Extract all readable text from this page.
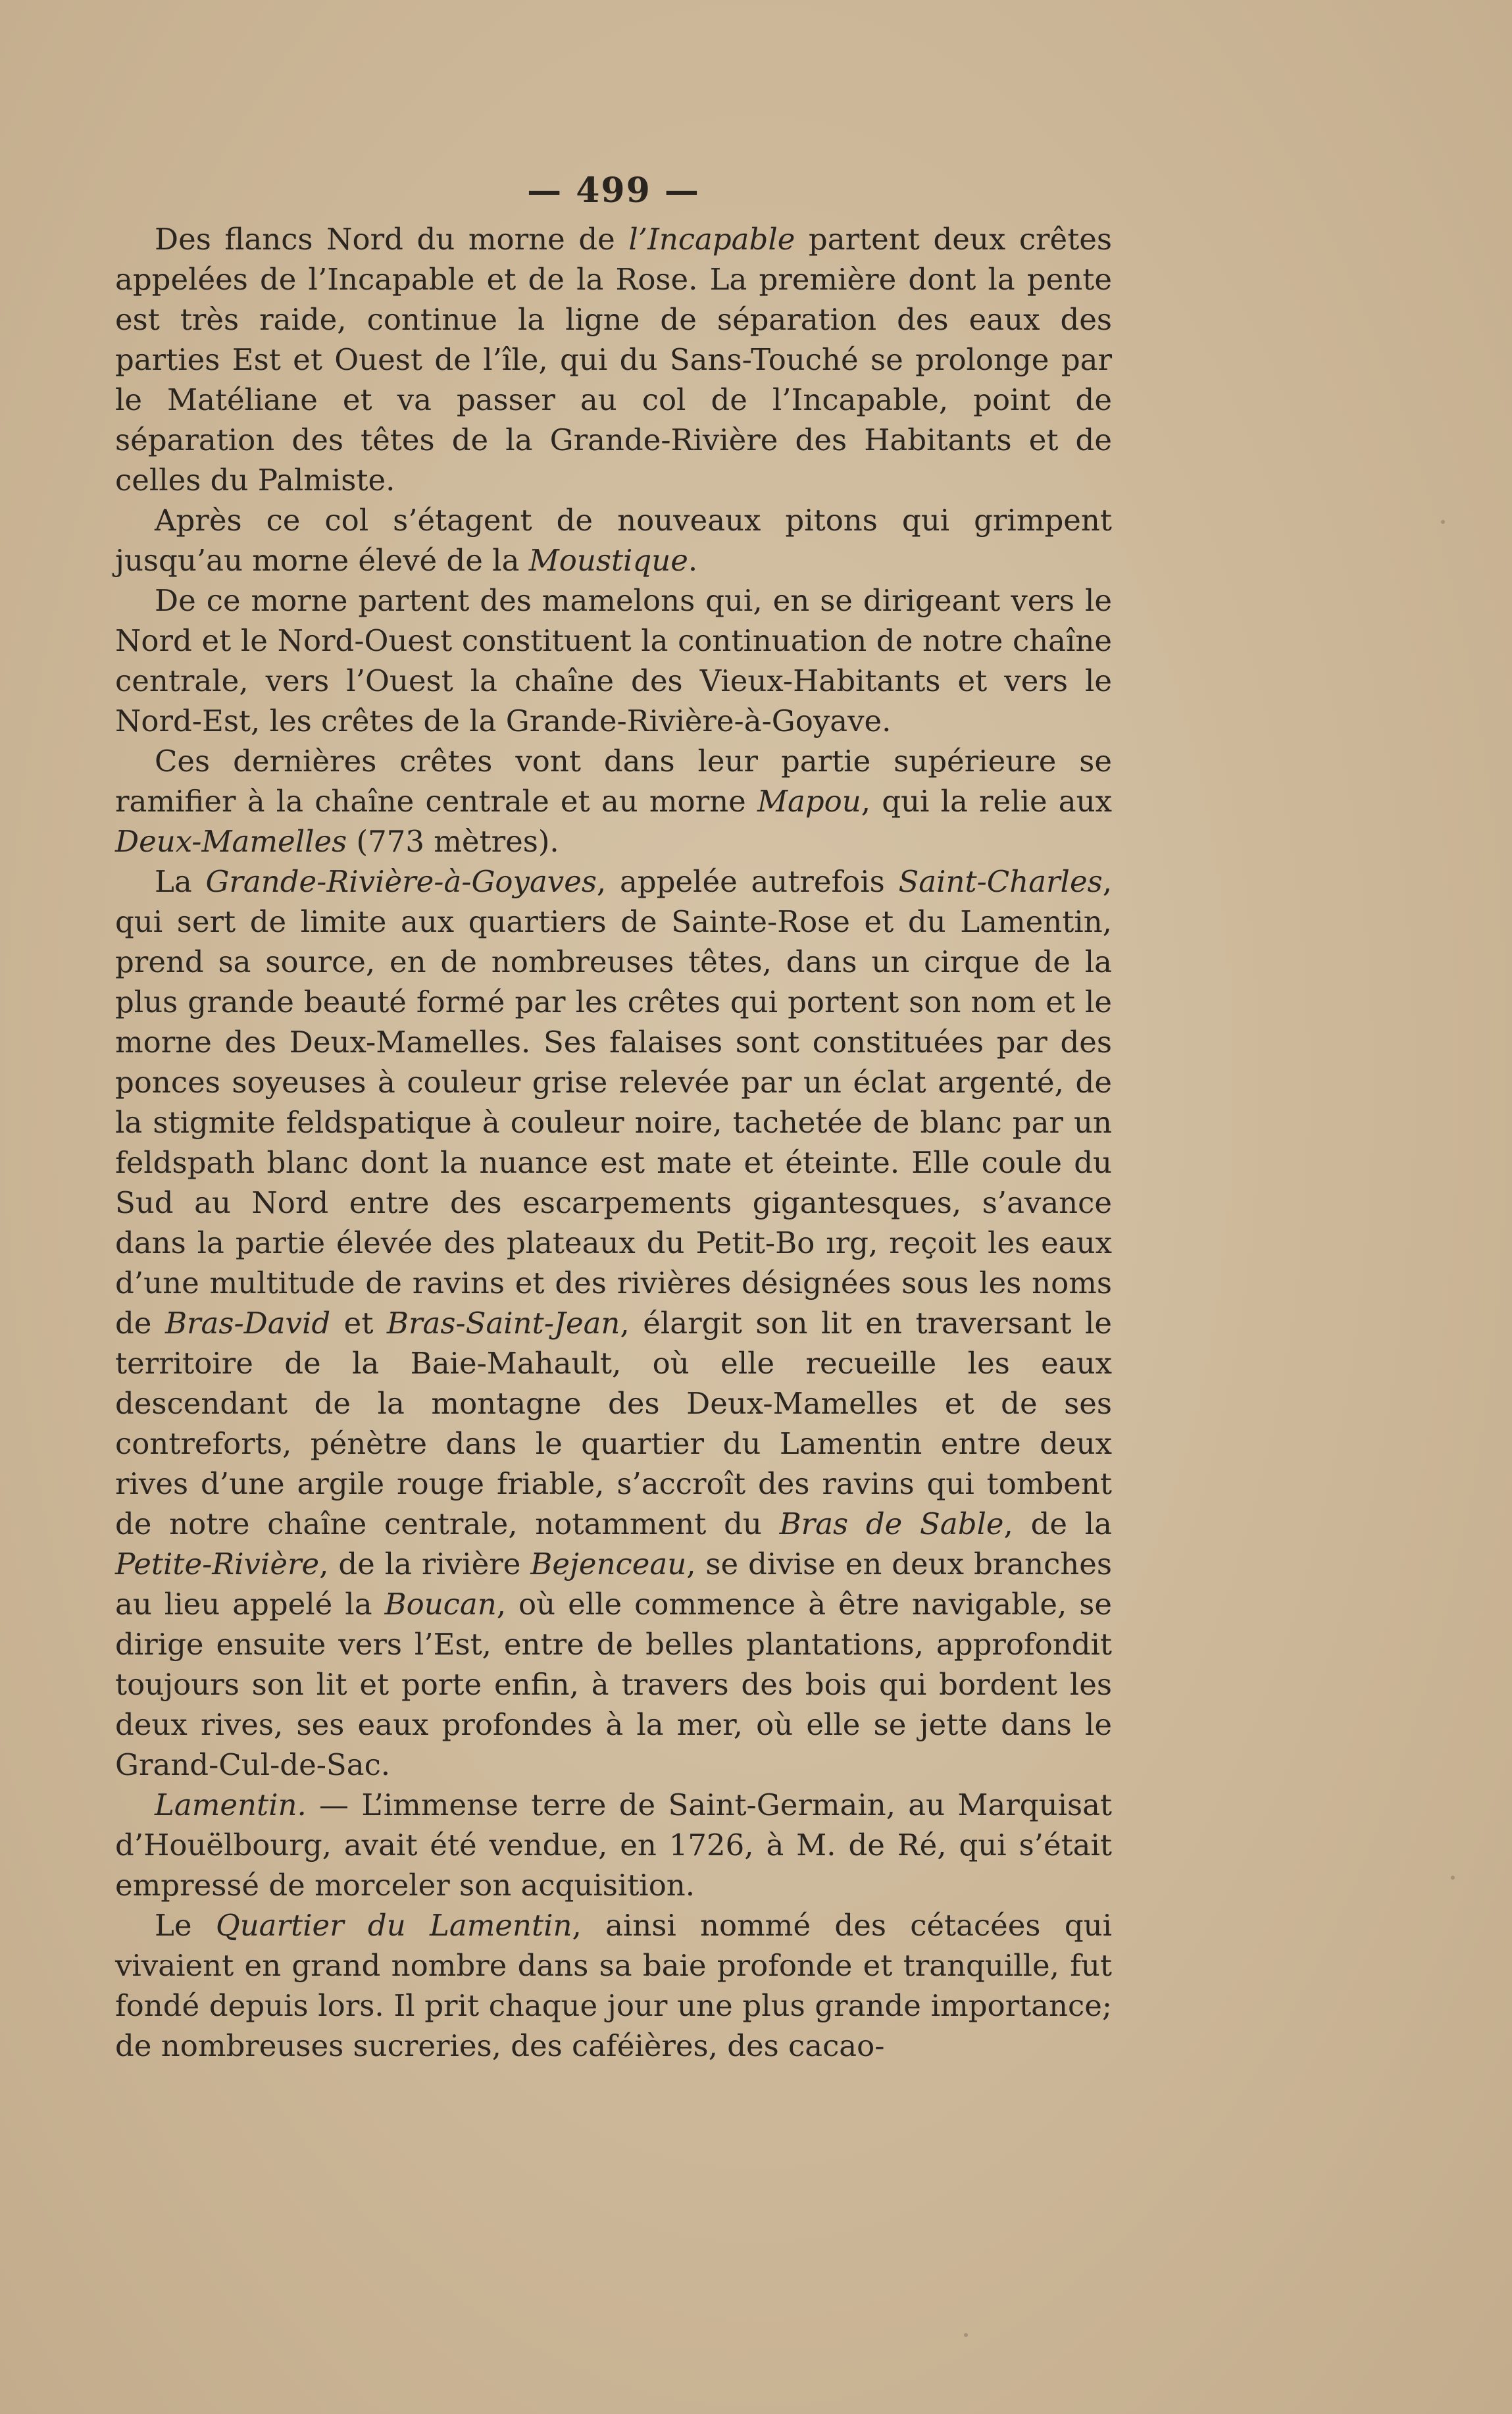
— 499 —

Des flancs Nord du morne de l’Incapable partent deux crêtes appelées de l’Incapable et de la Rose. La première dont la pente est très raide, continue la ligne de séparation des eaux des parties Est et Ouest de l’île, qui du Sans-Touché se prolonge par le Matéliane et va passer au col de l’Incapable, point de séparation des têtes de la Grande-Rivière des Habitants et de celles du Palmiste.

Après ce col s’étagent de nouveaux pitons qui grimpent jusqu’au morne élevé de la Moustique.

De ce morne partent des mamelons qui, en se dirigeant vers le Nord et le Nord-Ouest constituent la continuation de notre chaîne centrale, vers l’Ouest la chaîne des Vieux-Habitants et vers le Nord-Est, les crêtes de la Grande-Rivière-à-Goyave.

Ces dernières crêtes vont dans leur partie supérieure se ramifier à la chaîne centrale et au morne Mapou, qui la relie aux Deux-Mamelles (773 mètres).

La Grande-Rivière-à-Goyaves, appelée autrefois Saint-Charles, qui sert de limite aux quartiers de Sainte-Rose et du Lamentin, prend sa source, en de nombreuses têtes, dans un cirque de la plus grande beauté formé par les crêtes qui portent son nom et le morne des Deux-Mamelles. Ses falaises sont constituées par des ponces soyeuses à couleur grise relevée par un éclat argenté, de la stigmite feldspatique à couleur noire, tachetée de blanc par un feldspath blanc dont la nuance est mate et éteinte. Elle coule du Sud au Nord entre des escarpements gigantesques, s’avance dans la partie élevée des plateaux du Petit-Bo ırg, reçoit les eaux d’une multitude de ravins et des rivières désignées sous les noms de Bras-David et Bras-Saint-Jean, élargit son lit en traversant le territoire de la Baie-Mahault, où elle recueille les eaux descendant de la montagne des Deux-Mamelles et de ses contreforts, pénètre dans le quartier du Lamentin entre deux rives d’une argile rouge friable, s’accroît des ravins qui tombent de notre chaîne centrale, notamment du Bras de Sable, de la Petite-Rivière, de la rivière Bejenceau, se divise en deux branches au lieu appelé la Boucan, où elle commence à être navigable, se dirige ensuite vers l’Est, entre de belles plantations, approfondit toujours son lit et porte enfin, à travers des bois qui bordent les deux rives, ses eaux profondes à la mer, où elle se jette dans le Grand-Cul-de-Sac.

Lamentin. — L’immense terre de Saint-Germain, au Marquisat d’Houëlbourg, avait été vendue, en 1726, à M. de Ré, qui s’était empressé de morceler son acquisition.

Le Quartier du Lamentin, ainsi nommé des cétacées qui vivaient en grand nombre dans sa baie profonde et tranquille, fut fondé depuis lors. Il prit chaque jour une plus grande importance; de nombreuses sucreries, des caféières, des cacao-
